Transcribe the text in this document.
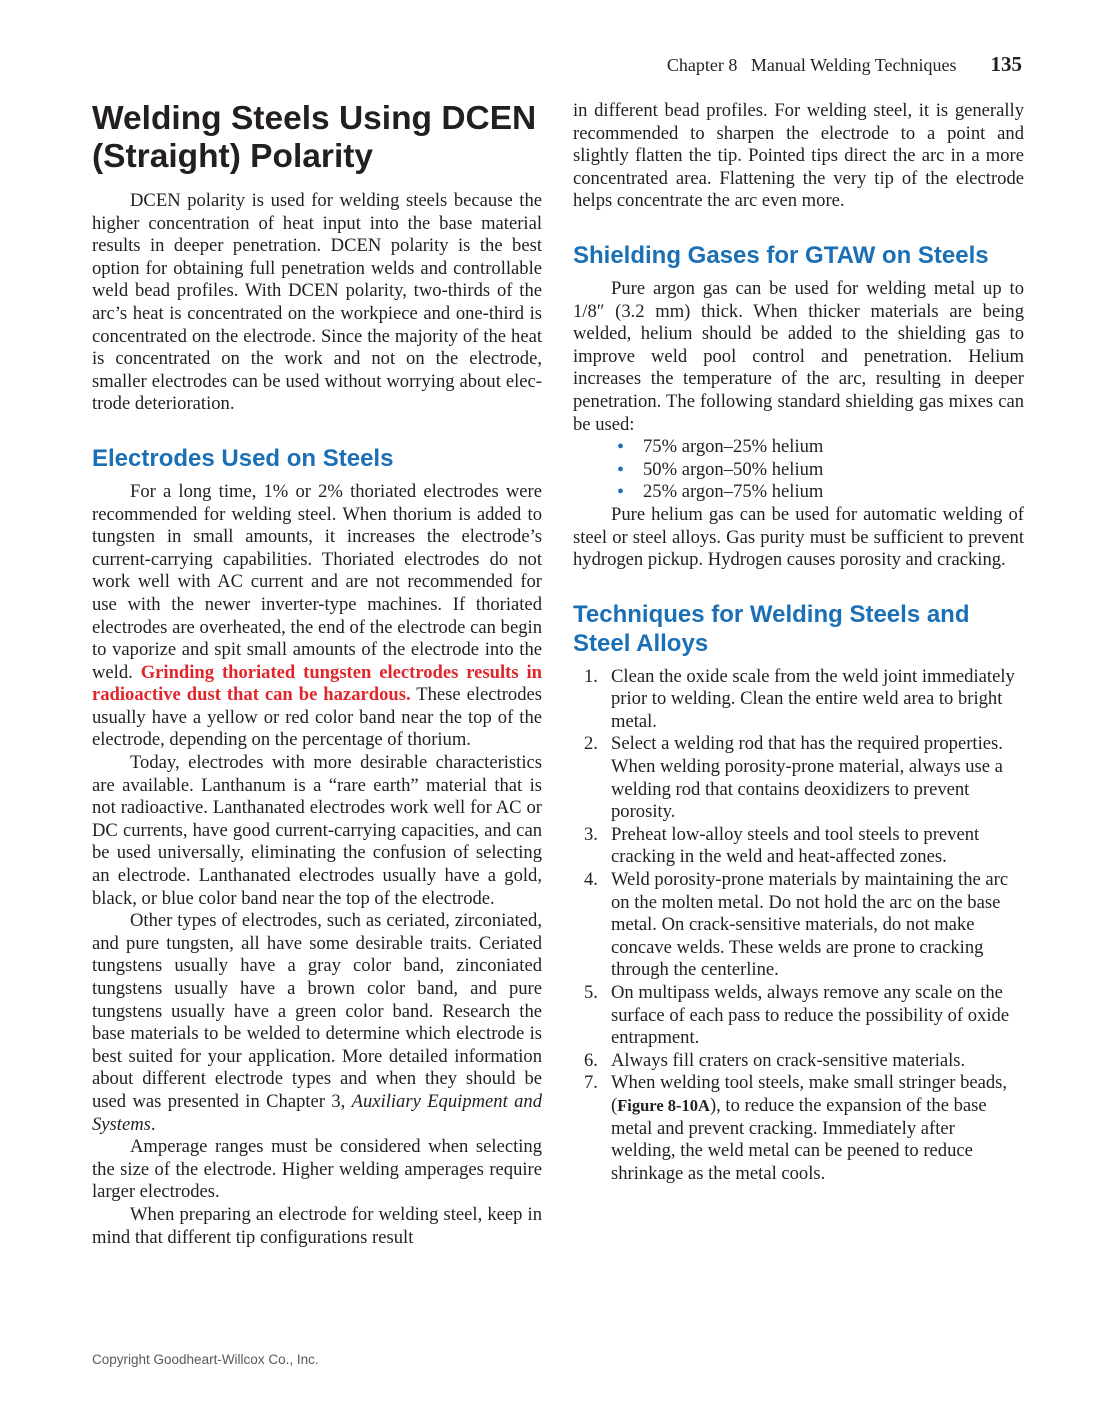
Chapter 8 Manual Welding Techniques 135
Welding Steels Using DCEN (Straight) Polarity

DCEN polarity is used for welding steels because the higher concentration of heat input into the base material results in deeper penetration. DCEN polarity is the best option for obtaining full penetration welds and controllable weld bead profiles. With DCEN polarity, two-thirds of the arc’s heat is concentrated on the workpiece and one-third is concentrated on the electrode. Since the majority of the heat is concentrated on the work and not on the electrode, smaller electrodes can be used without worrying about electrode deterioration.

Electrodes Used on Steels

For a long time, 1% or 2% thoriated electrodes were recommended for welding steel. When thorium is added to tungsten in small amounts, it increases the electrode’s current-carrying capabilities. Thoriated electrodes do not work well with AC current and are not recommended for use with the newer inverter-type machines. If thoriated electrodes are overheated, the end of the electrode can begin to vaporize and spit small amounts of the electrode into the weld. Grinding thoriated tungsten electrodes results in radioactive dust that can be hazardous. These electrodes usually have a yellow or red color band near the top of the electrode, depending on the percentage of thorium.

Today, electrodes with more desirable characteristics are available. Lanthanum is a “rare earth” material that is not radioactive. Lanthanated electrodes work well for AC or DC currents, have good current-carrying capacities, and can be used universally, eliminating the confusion of selecting an electrode. Lanthanated electrodes usually have a gold, black, or blue color band near the top of the electrode.

Other types of electrodes, such as ceriated, zirconiated, and pure tungsten, all have some desirable traits. Ceriated tungstens usually have a gray color band, zinconiated tungstens usually have a brown color band, and pure tungstens usually have a green color band. Research the base materials to be welded to determine which electrode is best suited for your application. More detailed information about different electrode types and when they should be used was presented in Chapter 3, Auxiliary Equipment and Systems.

Amperage ranges must be considered when selecting the size of the electrode. Higher welding amperages require larger electrodes.

When preparing an electrode for welding steel, keep in mind that different tip configurations result

in different bead profiles. For welding steel, it is generally recommended to sharpen the electrode to a point and slightly flatten the tip. Pointed tips direct the arc in a more concentrated area. Flattening the very tip of the electrode helps concentrate the arc even more.

Shielding Gases for GTAW on Steels

Pure argon gas can be used for welding metal up to 1/8″ (3.2 mm) thick. When thicker materials are being welded, helium should be added to the shielding gas to improve weld pool control and penetration. Helium increases the temperature of the arc, resulting in deeper penetration. The following standard shielding gas mixes can be used:

• 75% argon–25% helium
• 50% argon–50% helium
• 25% argon–75% helium

Pure helium gas can be used for automatic welding of steel or steel alloys. Gas purity must be sufficient to prevent hydrogen pickup. Hydrogen causes porosity and cracking.

Techniques for Welding Steels and Steel Alloys
1. Clean the oxide scale from the weld joint immediately prior to welding. Clean the entire weld area to bright metal.
2. Select a welding rod that has the required properties. When welding porosity-prone material, always use a welding rod that contains deoxidizers to prevent porosity.
3. Preheat low-alloy steels and tool steels to prevent cracking in the weld and heat-affected zones.
4. Weld porosity-prone materials by maintaining the arc on the molten metal. Do not hold the arc on the base metal. On crack-sensitive materials, do not make concave welds. These welds are prone to cracking through the centerline.
5. On multipass welds, always remove any scale on the surface of each pass to reduce the possibility of oxide entrapment.
6. Always fill craters on crack-sensitive materials.
7. When welding tool steels, make small stringer beads, (Figure 8-10A), to reduce the expansion of the base metal and prevent cracking. Immediately after welding, the weld metal can be peened to reduce shrinkage as the metal cools.
Copyright Goodheart-Willcox Co., Inc.
